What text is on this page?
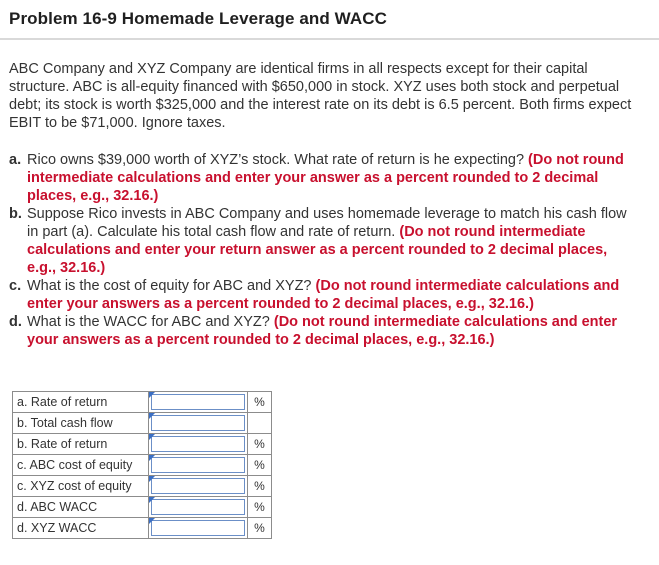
Problem 16-9 Homemade Leverage and WACC

ABC Company and XYZ Company are identical firms in all respects except for their capital structure. ABC is all-equity financed with $650,000 in stock. XYZ uses both stock and perpetual debt; its stock is worth $325,000 and the interest rate on its debt is 6.5 percent. Both firms expect EBIT to be $71,000. Ignore taxes.

a. Rico owns $39,000 worth of XYZ’s stock. What rate of return is he expecting? (Do not round intermediate calculations and enter your answer as a percent rounded to 2 decimal places, e.g., 32.16.)
b. Suppose Rico invests in ABC Company and uses homemade leverage to match his cash flow in part (a). Calculate his total cash flow and rate of return. (Do not round intermediate calculations and enter your return answer as a percent rounded to 2 decimal places, e.g., 32.16.)
c. What is the cost of equity for ABC and XYZ? (Do not round intermediate calculations and enter your answers as a percent rounded to 2 decimal places, e.g., 32.16.)
d. What is the WACC for ABC and XYZ? (Do not round intermediate calculations and enter your answers as a percent rounded to 2 decimal places, e.g., 32.16.)
a. Rate of return		%
b. Total cash flow	

b. Rate of return		%
c. ABC cost of equity		%
c. XYZ cost of equity		%
d. ABC WACC		%
d. XYZ WACC		%
